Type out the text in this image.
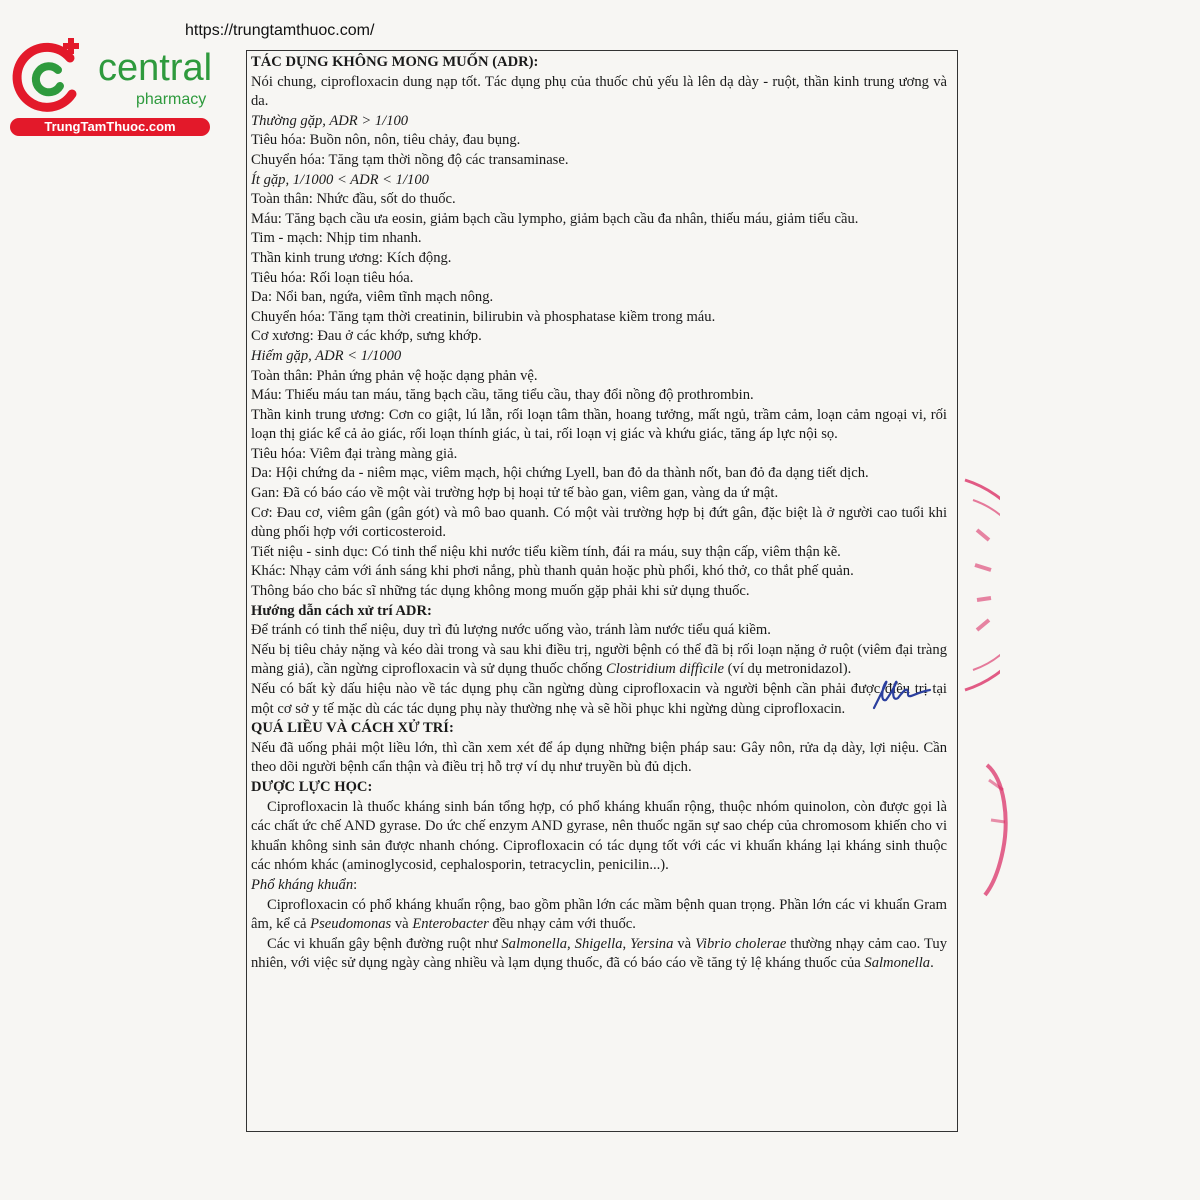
https://trungtamthuoc.com/
central
pharmacy
TrungTamThuoc.com

TÁC DỤNG KHÔNG MONG MUỐN (ADR):

Nói chung, ciprofloxacin dung nạp tốt. Tác dụng phụ của thuốc chủ yếu là lên dạ dày - ruột, thần kinh trung ương và da.

Thường gặp, ADR > 1/100

Tiêu hóa: Buồn nôn, nôn, tiêu chảy, đau bụng.

Chuyển hóa: Tăng tạm thời nồng độ các transaminase.

Ít gặp, 1/1000 < ADR < 1/100

Toàn thân: Nhức đầu, sốt do thuốc.

Máu: Tăng bạch cầu ưa eosin, giảm bạch cầu lympho, giảm bạch cầu đa nhân, thiếu máu, giảm tiểu cầu.

Tim - mạch: Nhịp tim nhanh.

Thần kinh trung ương: Kích động.

Tiêu hóa: Rối loạn tiêu hóa.

Da: Nổi ban, ngứa, viêm tĩnh mạch nông.

Chuyển hóa: Tăng tạm thời creatinin, bilirubin và phosphatase kiềm trong máu.

Cơ xương: Đau ở các khớp, sưng khớp.

Hiếm gặp, ADR < 1/1000

Toàn thân: Phản ứng phản vệ hoặc dạng phản vệ.

Máu: Thiếu máu tan máu, tăng bạch cầu, tăng tiểu cầu, thay đổi nồng độ prothrombin.

Thần kinh trung ương: Cơn co giật, lú lẫn, rối loạn tâm thần, hoang tưởng, mất ngủ, trầm cảm, loạn cảm ngoại vi, rối loạn thị giác kể cả ảo giác, rối loạn thính giác, ù tai, rối loạn vị giác và khứu giác, tăng áp lực nội sọ.

Tiêu hóa: Viêm đại tràng màng giả.

Da: Hội chứng da - niêm mạc, viêm mạch, hội chứng Lyell, ban đỏ da thành nốt, ban đỏ đa dạng tiết dịch.

Gan: Đã có báo cáo về một vài trường hợp bị hoại tử tế bào gan, viêm gan, vàng da ứ mật.

Cơ: Đau cơ, viêm gân (gân gót) và mô bao quanh. Có một vài trường hợp bị đứt gân, đặc biệt là ở người cao tuổi khi dùng phối hợp với corticosteroid.

Tiết niệu - sinh dục: Có tinh thể niệu khi nước tiểu kiềm tính, đái ra máu, suy thận cấp, viêm thận kẽ.

Khác: Nhạy cảm với ánh sáng khi phơi nắng, phù thanh quản hoặc phù phổi, khó thở, co thắt phế quản.

Thông báo cho bác sĩ những tác dụng không mong muốn gặp phải khi sử dụng thuốc.

Hướng dẫn cách xử trí ADR:

Để tránh có tinh thể niệu, duy trì đủ lượng nước uống vào, tránh làm nước tiểu quá kiềm.

Nếu bị tiêu chảy nặng và kéo dài trong và sau khi điều trị, người bệnh có thể đã bị rối loạn nặng ở ruột (viêm đại tràng màng giả), cần ngừng ciprofloxacin và sử dụng thuốc chống Clostridium difficile (ví dụ metronidazol).

Nếu có bất kỳ dấu hiệu nào về tác dụng phụ cần ngừng dùng ciprofloxacin và người bệnh cần phải được điều trị tại một cơ sở y tế mặc dù các tác dụng phụ này thường nhẹ và sẽ hồi phục khi ngừng dùng ciprofloxacin.

QUÁ LIỀU VÀ CÁCH XỬ TRÍ:

Nếu đã uống phải một liều lớn, thì cần xem xét để áp dụng những biện pháp sau: Gây nôn, rửa dạ dày, lợi niệu. Cần theo dõi người bệnh cẩn thận và điều trị hỗ trợ ví dụ như truyền bù đủ dịch.

DƯỢC LỰC HỌC:

Ciprofloxacin là thuốc kháng sinh bán tổng hợp, có phổ kháng khuẩn rộng, thuộc nhóm quinolon, còn được gọi là các chất ức chế AND gyrase. Do ức chế enzym AND gyrase, nên thuốc ngăn sự sao chép của chromosom khiến cho vi khuẩn không sinh sản được nhanh chóng. Ciprofloxacin có tác dụng tốt với các vi khuẩn kháng lại kháng sinh thuộc các nhóm khác (aminoglycosid, cephalosporin, tetracyclin, penicilin...).

Phổ kháng khuẩn:

Ciprofloxacin có phổ kháng khuẩn rộng, bao gồm phần lớn các mầm bệnh quan trọng. Phần lớn các vi khuẩn Gram âm, kể cả Pseudomonas và Enterobacter đều nhạy cảm với thuốc.

Các vi khuẩn gây bệnh đường ruột như Salmonella, Shigella, Yersina và Vibrio cholerae thường nhạy cảm cao. Tuy nhiên, với việc sử dụng ngày càng nhiều và lạm dụng thuốc, đã có báo cáo về tăng tỷ lệ kháng thuốc của Salmonella.
